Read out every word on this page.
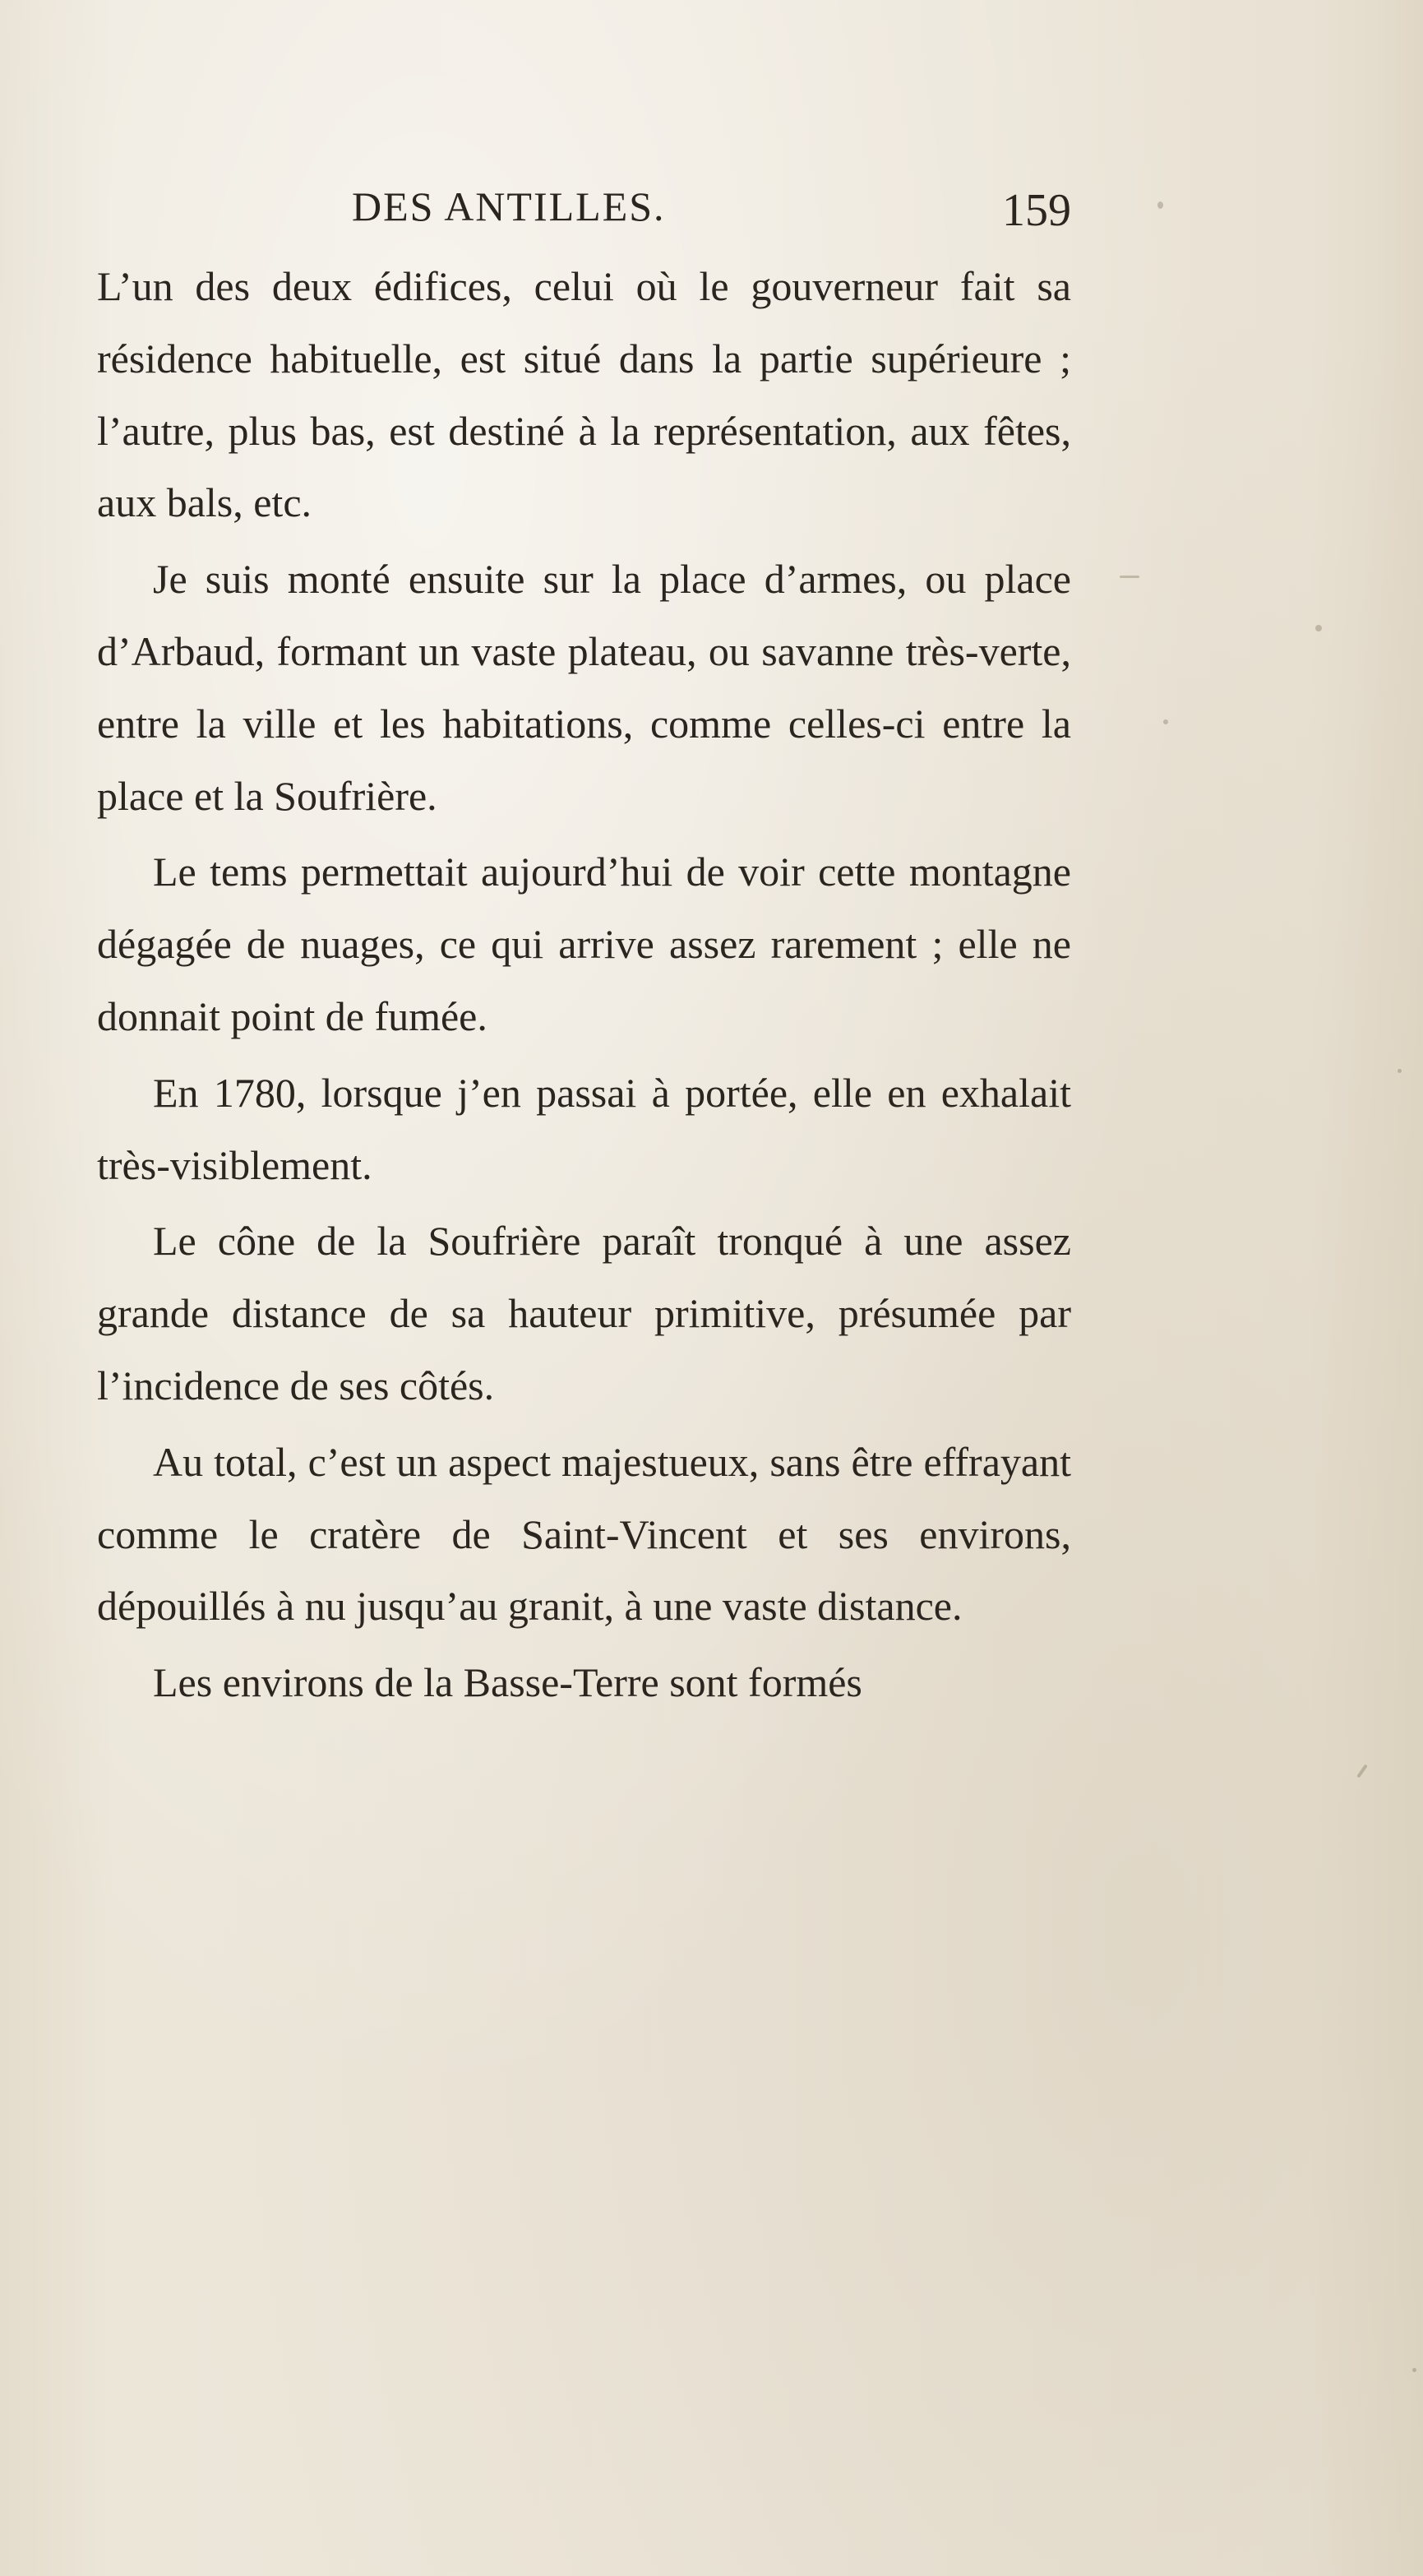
DES ANTILLES.	159

L’un des deux édifices, celui où le gouverneur fait sa résidence habituelle, est situé dans la partie supérieure ; l’autre, plus bas, est destiné à la représentation, aux fêtes, aux bals, etc.

Je suis monté ensuite sur la place d’armes, ou place d’Arbaud, formant un vaste plateau, ou savanne très-verte, entre la ville et les habitations, comme celles-ci entre la place et la Soufrière.

Le tems permettait aujourd’hui de voir cette montagne dégagée de nuages, ce qui arrive assez rarement ; elle ne donnait point de fumée.

En 1780, lorsque j’en passai à portée, elle en exhalait très-visiblement.

Le cône de la Soufrière paraît tronqué à une assez grande distance de sa hauteur primitive, présumée par l’incidence de ses côtés.

Au total, c’est un aspect majestueux, sans être effrayant comme le cratère de Saint-Vincent et ses environs, dépouillés à nu jusqu’au granit, à une vaste distance.

Les environs de la Basse-Terre sont formés
